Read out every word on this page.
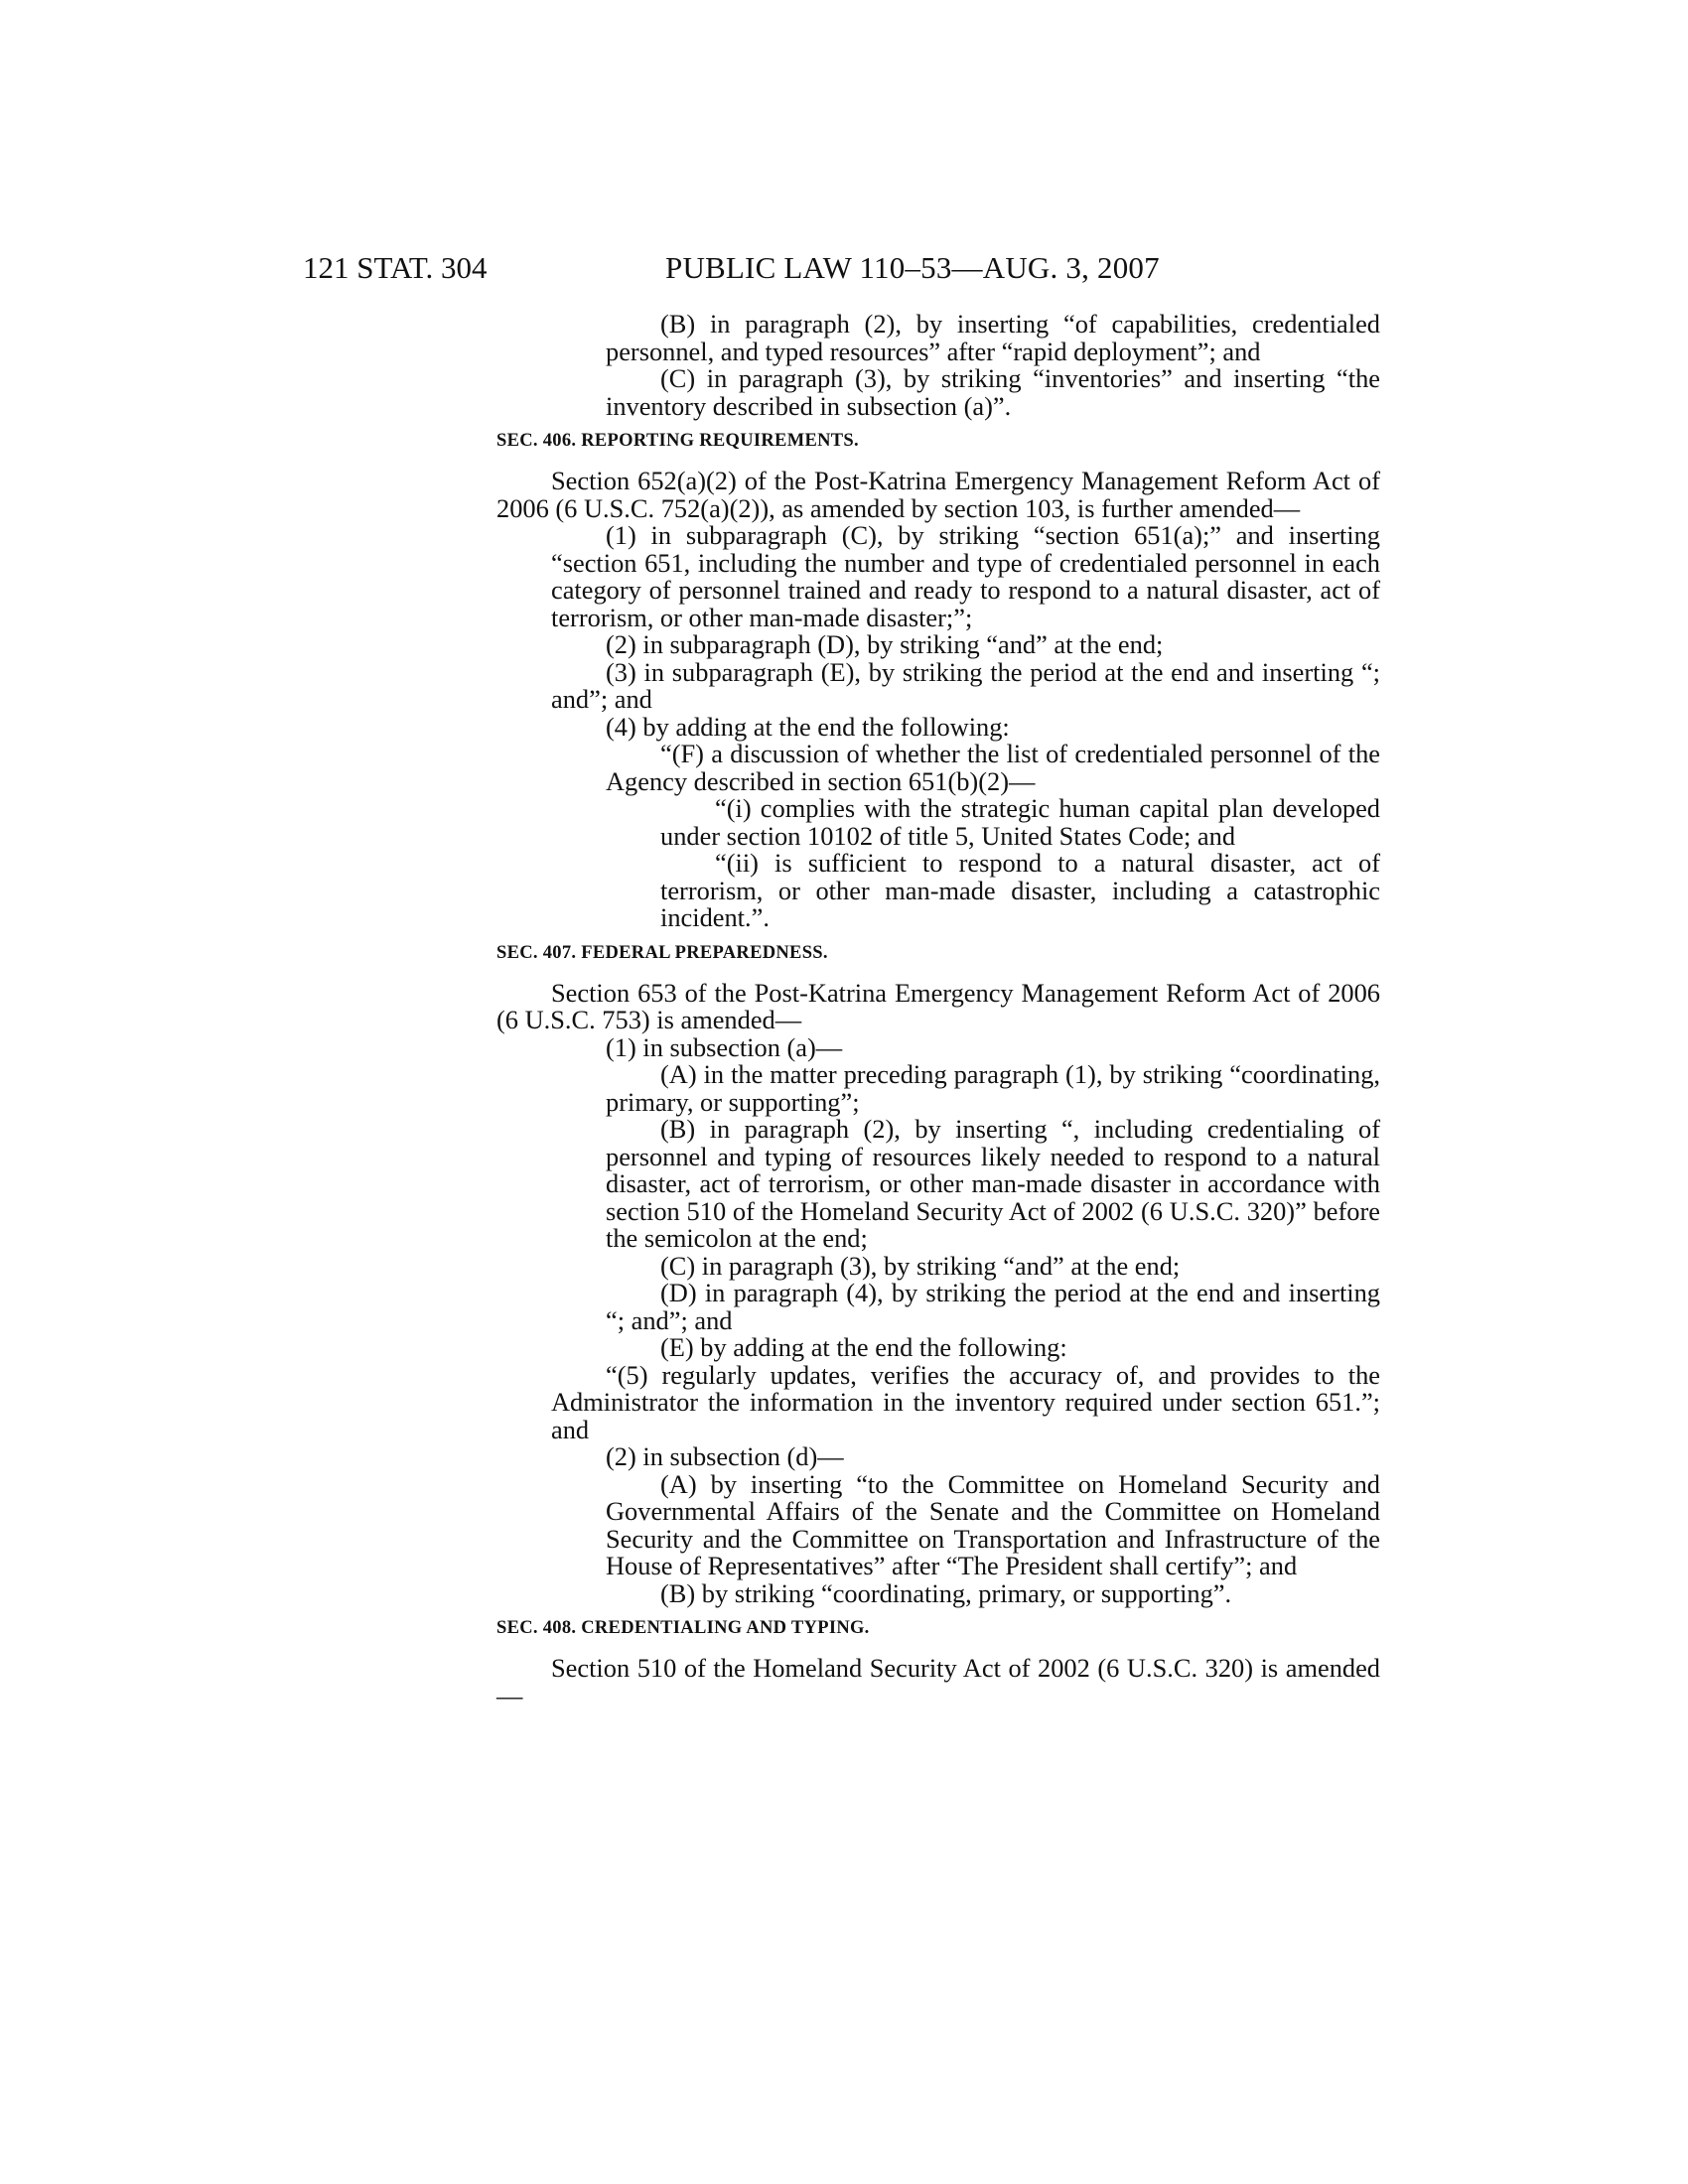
121 STAT. 304	PUBLIC LAW 110–53—AUG. 3, 2007

(B) in paragraph (2), by inserting “of capabilities, credentialed personnel, and typed resources” after “rapid deployment”; and

(C) in paragraph (3), by striking “inventories” and inserting “the inventory described in subsection (a)”.

SEC. 406. REPORTING REQUIREMENTS.

Section 652(a)(2) of the Post-Katrina Emergency Management Reform Act of 2006 (6 U.S.C. 752(a)(2)), as amended by section 103, is further amended—

(1) in subparagraph (C), by striking “section 651(a);” and inserting “section 651, including the number and type of credentialed personnel in each category of personnel trained and ready to respond to a natural disaster, act of terrorism, or other man-made disaster;”;

(2) in subparagraph (D), by striking “and” at the end;

(3) in subparagraph (E), by striking the period at the end and inserting “; and”; and

(4) by adding at the end the following:

“(F) a discussion of whether the list of credentialed personnel of the Agency described in section 651(b)(2)—

“(i) complies with the strategic human capital plan developed under section 10102 of title 5, United States Code; and

“(ii) is sufficient to respond to a natural disaster, act of terrorism, or other man-made disaster, including a catastrophic incident.”.

SEC. 407. FEDERAL PREPAREDNESS.

Section 653 of the Post-Katrina Emergency Management Reform Act of 2006 (6 U.S.C. 753) is amended—

(1) in subsection (a)—

(A) in the matter preceding paragraph (1), by striking “coordinating, primary, or supporting”;

(B) in paragraph (2), by inserting “, including credentialing of personnel and typing of resources likely needed to respond to a natural disaster, act of terrorism, or other man-made disaster in accordance with section 510 of the Homeland Security Act of 2002 (6 U.S.C. 320)” before the semicolon at the end;

(C) in paragraph (3), by striking “and” at the end;

(D) in paragraph (4), by striking the period at the end and inserting “; and”; and

(E) by adding at the end the following:

“(5) regularly updates, verifies the accuracy of, and provides to the Administrator the information in the inventory required under section 651.”; and

(2) in subsection (d)—

(A) by inserting “to the Committee on Homeland Security and Governmental Affairs of the Senate and the Committee on Homeland Security and the Committee on Transportation and Infrastructure of the House of Representatives” after “The President shall certify”; and

(B) by striking “coordinating, primary, or supporting”.

SEC. 408. CREDENTIALING AND TYPING.

Section 510 of the Homeland Security Act of 2002 (6 U.S.C. 320) is amended—
